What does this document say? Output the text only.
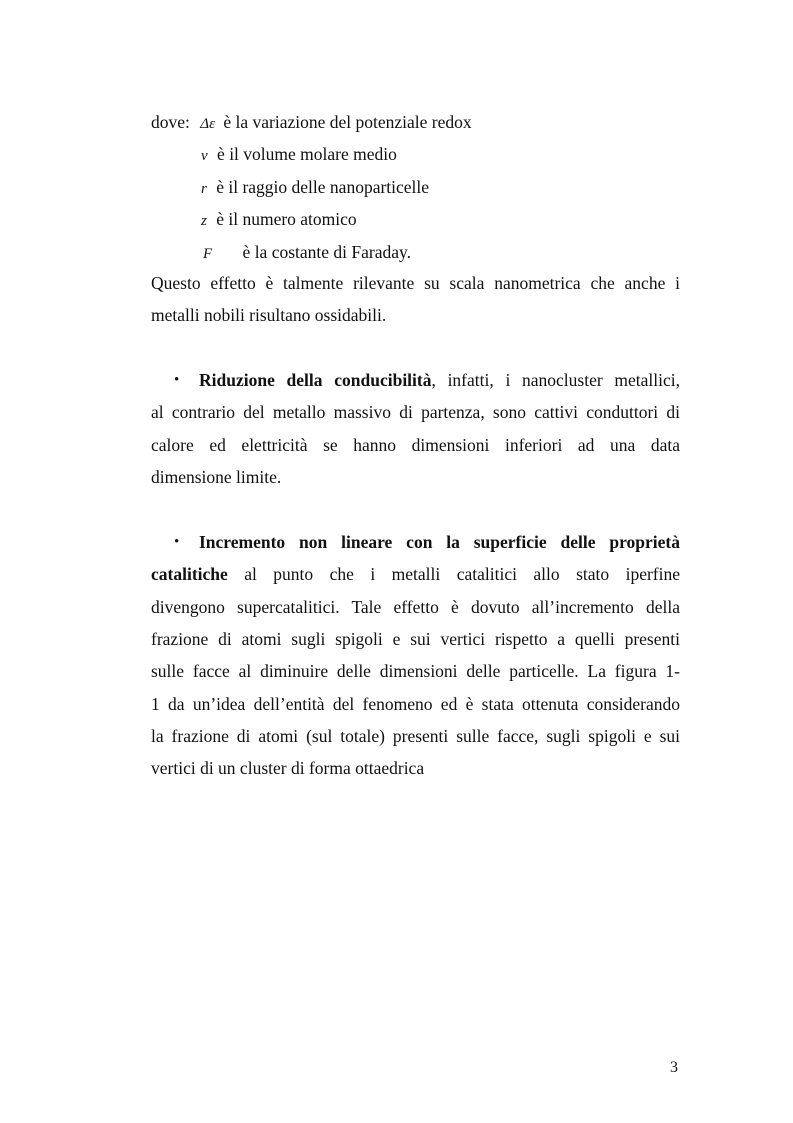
dove: Δε è la variazione del potenziale redox
v è il volume molare medio
r è il raggio delle nanoparticelle
z è il numero atomico
F è la costante di Faraday.
Questo effetto è talmente rilevante su scala nanometrica che anche i
metalli nobili risultano ossidabili.
• Riduzione della conducibilità, infatti, i nanocluster metallici,
al contrario del metallo massivo di partenza, sono cattivi conduttori di
calore ed elettricità se hanno dimensioni inferiori ad una data
dimensione limite.
• Incremento non lineare con la superficie delle proprietà
catalitiche al punto che i metalli catalitici allo stato iperfine
divengono supercatalitici. Tale effetto è dovuto all’incremento della
frazione di atomi sugli spigoli e sui vertici rispetto a quelli presenti
sulle facce al diminuire delle dimensioni delle particelle. La figura 1-
1 da un’idea dell’entità del fenomeno ed è stata ottenuta considerando
la frazione di atomi (sul totale) presenti sulle facce, sugli spigoli e sui
vertici di un cluster di forma ottaedrica
3
